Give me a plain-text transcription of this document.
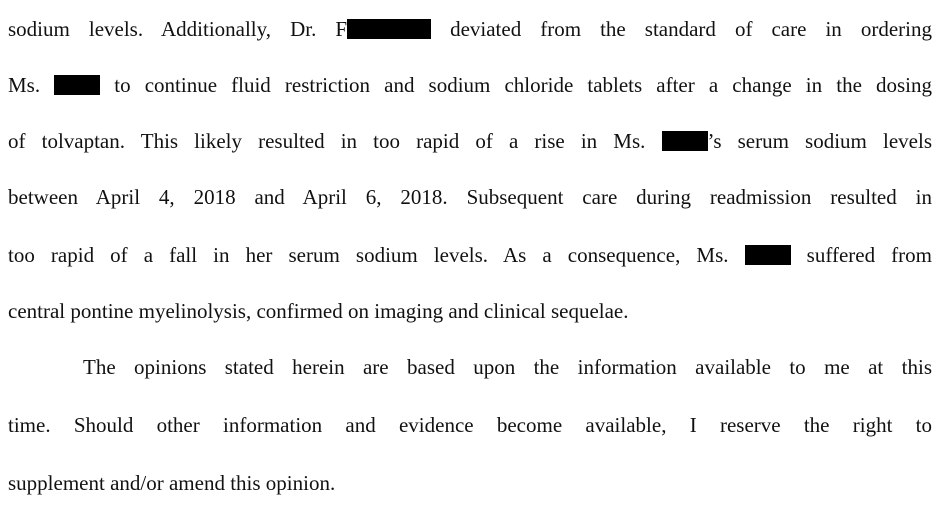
sodium levels. Additionally, Dr. F	deviated from the standard of care in ordering
Ms.  to continue fluid restriction and sodium chloride tablets after a change in the dosing
of tolvaptan. This likely resulted in too rapid of a rise in Ms. ’s serum sodium levels
between April 4, 2018 and April 6, 2018. Subsequent care during readmission resulted in
too rapid of a fall in her serum sodium levels. As a consequence, Ms.  suffered from
central pontine myelinolysis, confirmed on imaging and clinical sequelae.
The opinions stated herein are based upon the information available to me at this
time. Should other information and evidence become available, I reserve the right to
supplement and/or amend this opinion.
